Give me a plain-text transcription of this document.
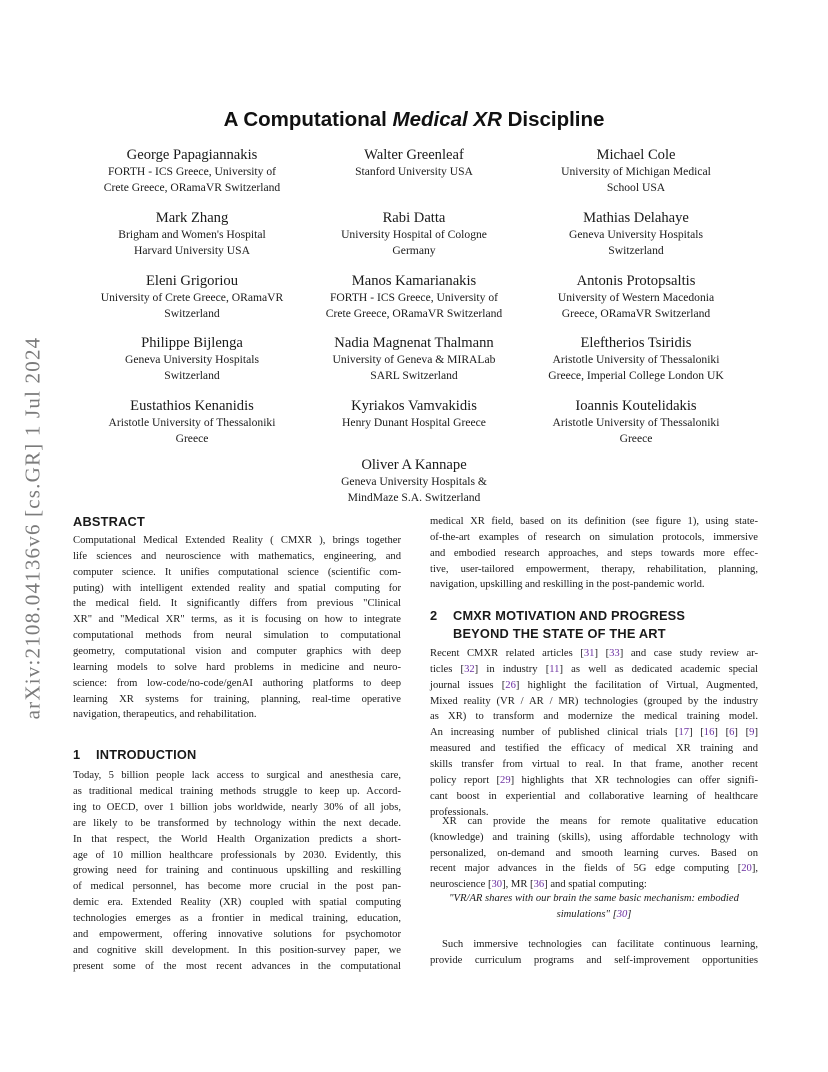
arXiv:2108.04136v6 [cs.GR] 1 Jul 2024
A Computational Medical XR Discipline
George Papagiannakis
FORTH - ICS Greece, University of
Crete Greece, ORamaVR Switzerland
Walter Greenleaf
Stanford University USA
Michael Cole
University of Michigan Medical
School USA
Mark Zhang
Brigham and Women's Hospital
Harvard University USA
Rabi Datta
University Hospital of Cologne
Germany
Mathias Delahaye
Geneva University Hospitals
Switzerland
Eleni Grigoriou
University of Crete Greece, ORamaVR
Switzerland
Manos Kamarianakis
FORTH - ICS Greece, University of
Crete Greece, ORamaVR Switzerland
Antonis Protopsaltis
University of Western Macedonia
Greece, ORamaVR Switzerland
Philippe Bijlenga
Geneva University Hospitals
Switzerland
Nadia Magnenat Thalmann
University of Geneva & MIRALab
SARL Switzerland
Eleftherios Tsiridis
Aristotle University of Thessaloniki
Greece, Imperial College London UK
Eustathios Kenanidis
Aristotle University of Thessaloniki
Greece
Kyriakos Vamvakidis
Henry Dunant Hospital Greece
Ioannis Koutelidakis
Aristotle University of Thessaloniki
Greece
Oliver A Kannape
Geneva University Hospitals &
MindMaze S.A. Switzerland
ABSTRACT
Computational Medical Extended Reality ( CMXR ), brings together
life sciences and neuroscience with mathematics, engineering, and
computer science. It unifies computational science (scientific com-
puting) with intelligent extended reality and spatial computing for
the medical field. It significantly differs from previous "Clinical
XR" and "Medical XR" terms, as it is focusing on how to integrate
computational methods from neural simulation to computational
geometry, computational vision and computer graphics with deep
learning models to solve hard problems in medicine and neuro-
science: from low-code/no-code/genAI authoring platforms to deep
learning XR systems for training, planning, real-time operative
navigation, therapeutics, and rehabilitation.
1 INTRODUCTION
Today, 5 billion people lack access to surgical and anesthesia care,
as traditional medical training methods struggle to keep up. Accord-
ing to OECD, over 1 billion jobs worldwide, nearly 30% of all jobs,
are likely to be transformed by technology within the next decade.
In that respect, the World Health Organization predicts a short-
age of 10 million healthcare professionals by 2030. Evidently, this
growing need for training and continuous upskilling and reskilling
of medical personnel, has become more crucial in the post pan-
demic era. Extended Reality (XR) coupled with spatial computing
technologies emerges as a frontier in medical training, education,
and empowerment, offering innovative solutions for psychomotor
and cognitive skill development. In this position-survey paper, we
present some of the most recent advances in the computational
medical XR field, based on its definition (see figure 1), using state-
of-the-art examples of research on simulation protocols, immersive
and embodied research approaches, and steps towards more effec-
tive, user-tailored empowerment, therapy, rehabilitation, planning,
navigation, upskilling and reskilling in the post-pandemic world.
2 CMXR MOTIVATION AND PROGRESS
BEYOND THE STATE OF THE ART
Recent CMXR related articles [31] [33] and case study review ar-
ticles [32] in industry [11] as well as dedicated academic special
journal issues [26] highlight the facilitation of Virtual, Augmented,
Mixed reality (VR / AR / MR) technologies (grouped by the industry
as XR) to transform and modernize the medical training model.
An increasing number of published clinical trials [17] [16] [6] [9]
measured and testified the efficacy of medical XR training and
skills transfer from virtual to real. In that frame, another recent
policy report [29] highlights that XR technologies can offer signifi-
cant boost in experiential and collaborative learning of healthcare
professionals.
XR can provide the means for remote qualitative education
(knowledge) and training (skills), using affordable technology with
personalized, on-demand and smooth learning curves. Based on
recent major advances in the fields of 5G edge computing [20],
neuroscience [30], MR [36] and spatial computing:
"VR/AR shares with our brain the same basic mechanism: embodied
simulations" [30]
Such immersive technologies can facilitate continuous learning,
provide curriculum programs and self-improvement opportunities
